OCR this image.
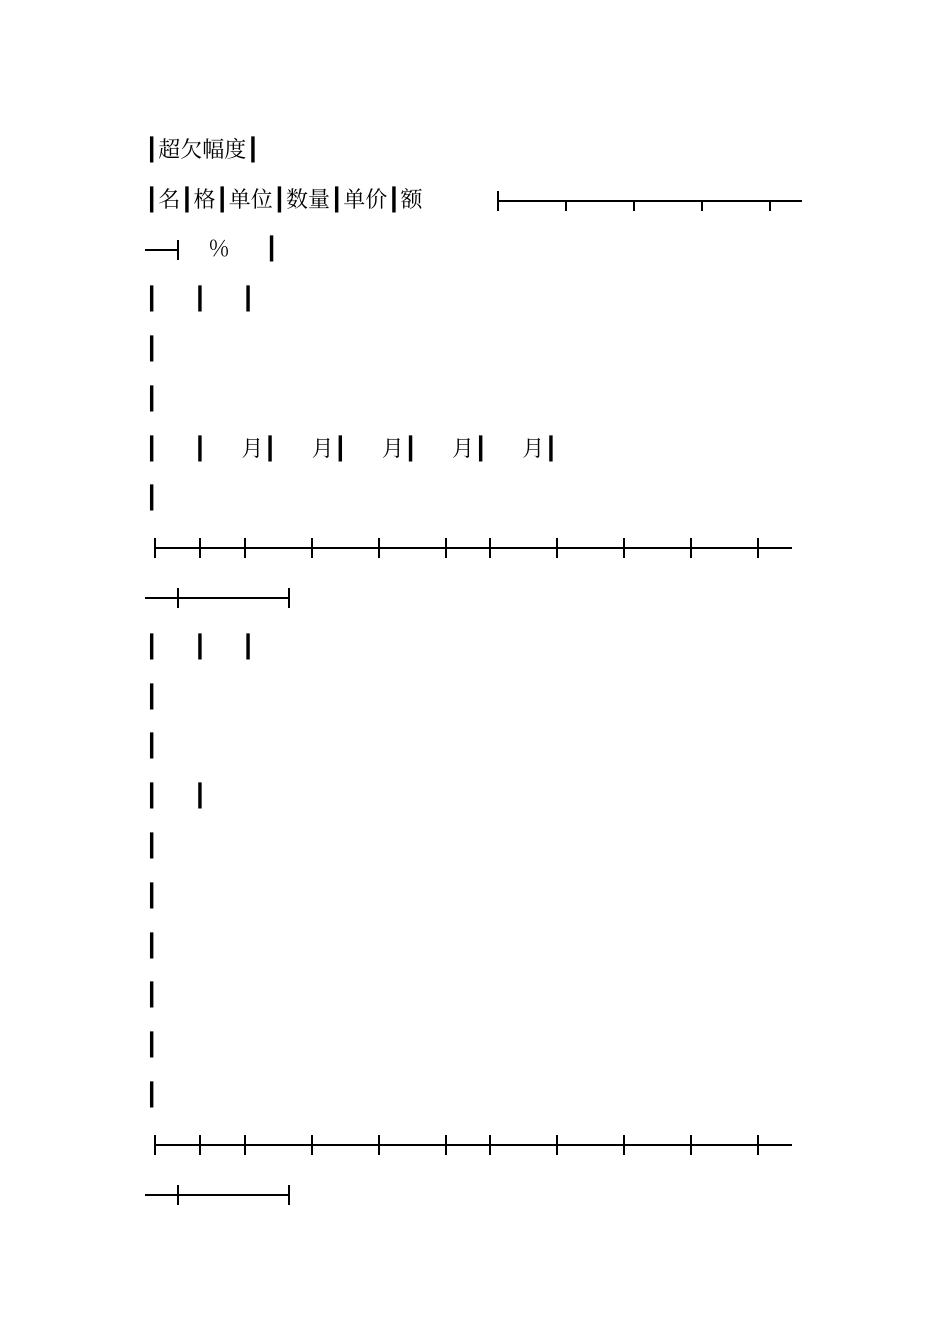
┃超欠幅度┃
┃名┃格┃单位┃数量┃单价┃额
％     ┃
┃     ┃     ┃
┃
┃
┃     ┃     月┃     月┃     月┃     月┃     月┃
┃
┃     ┃     ┃
┃
┃
┃     ┃
┃
┃
┃
┃
┃
┃
